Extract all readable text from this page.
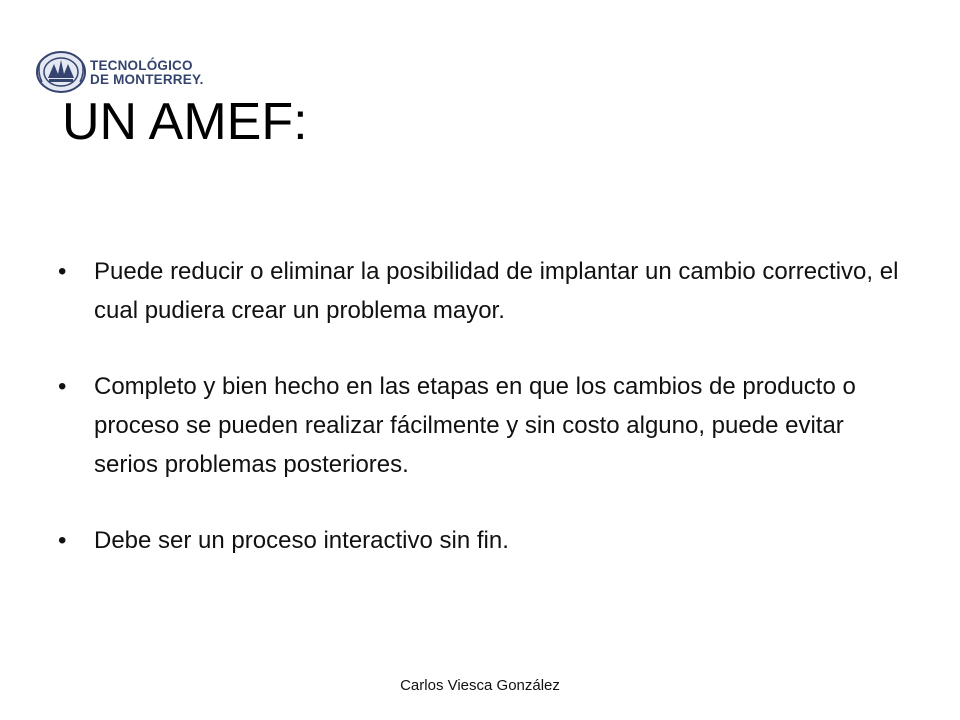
TECNOLÓGICO
DE MONTERREY.
UN AMEF:
•	Puede reducir o eliminar la posibilidad de implantar un cambio correctivo, el cual pudiera crear un problema mayor.
•	Completo y bien hecho en las etapas en que los cambios de producto o proceso se pueden realizar fácilmente y sin costo alguno, puede evitar serios problemas posteriores.
•	Debe ser un proceso interactivo sin fin.
Carlos Viesca González
